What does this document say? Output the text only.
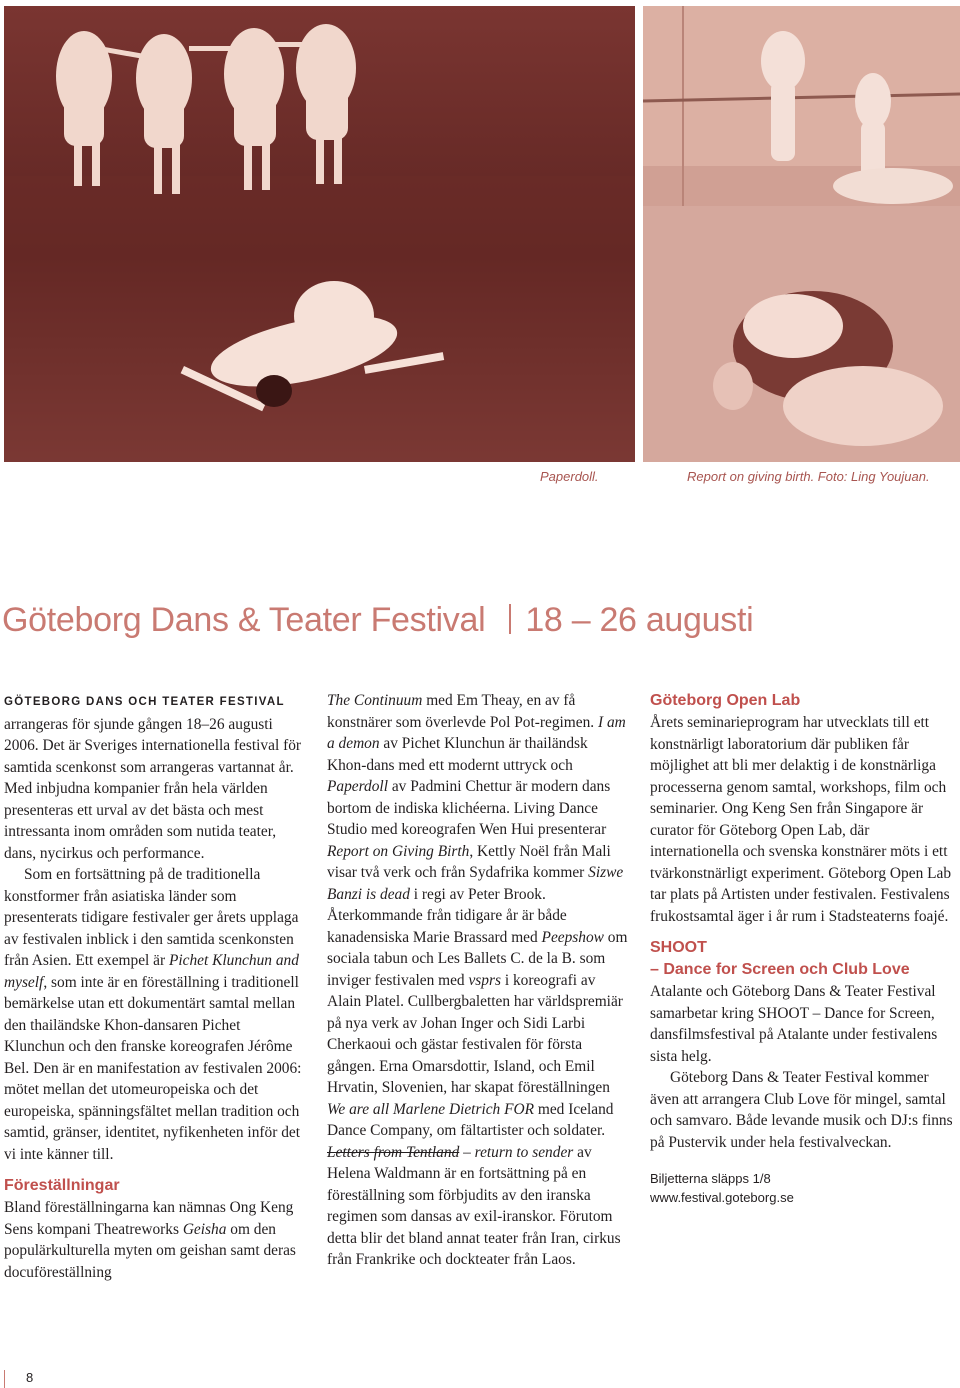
Paperdoll.	Report on giving birth. Foto: Ling Youjuan.
Göteborg Dans & Teater Festival 18 – 26 augusti

GÖTEBORG DANS OCH TEATER FESTIVAL
arrangeras för sjunde gången 18–26 augusti 2006. Det är Sveriges internationella festival för samtida scenkonst som arrangeras vartannat år. Med inbjudna kompanier från hela världen presenteras ett urval av det bästa och mest intressanta inom områden som nutida teater, dans, nycirkus och performance.

Som en fortsättning på de traditionella konstformer från asiatiska länder som presenterats tidigare festivaler ger årets upplaga av festivalen inblick i den samtida scenkonsten från Asien. Ett exempel är Pichet Klunchun and myself, som inte är en föreställning i traditionell bemärkelse utan ett dokumentärt samtal mellan den thailändske Khon-dansaren Pichet Klunchun och den franske koreografen Jérôme Bel. Den är en manifestation av festivalen 2006: mötet mellan det utomeuropeiska och det europeiska, spänningsfältet mellan tradition och samtid, gränser, identitet, nyfikenheten inför det vi inte känner till.

Föreställningar

Bland föreställningarna kan nämnas Ong Keng Sens kompani Theatreworks Geisha om den populärkulturella myten om geishan samt deras docuföreställning

The Continuum med Em Theay, en av få konstnärer som överlevde Pol Pot-regimen. I am a demon av Pichet Klunchun är thailändsk Khon-dans med ett modernt uttryck och Paperdoll av Padmini Chettur är modern dans bortom de indiska klichéerna. Living Dance Studio med koreografen Wen Hui presenterar Report on Giving Birth, Kettly Noël från Mali visar två verk och från Sydafrika kommer Sizwe Banzi is dead i regi av Peter Brook. Återkommande från tidigare år är både kanadensiska Marie Brassard med Peepshow om sociala tabun och Les Ballets C. de la B. som inviger festivalen med vsprs i koreografi av Alain Platel. Cullbergbaletten har världspremiär på nya verk av Johan Inger och Sidi Larbi Cherkaoui och gästar festivalen för första gången. Erna Omarsdottir, Island, och Emil Hrvatin, Slovenien, har skapat föreställningen We are all Marlene Dietrich FOR med Iceland Dance Company, om fältartister och soldater. Letters from Tentland – return to sender av Helena Waldmann är en fortsättning på en föreställning som förbjudits av den iranska regimen som dansas av exil-iranskor. Förutom detta blir det bland annat teater från Iran, cirkus från Frankrike och dockteater från Laos.

Göteborg Open Lab

Årets seminarieprogram har utvecklats till ett konstnärligt laboratorium där publiken får möjlighet att bli mer delaktig i de konstnärliga processerna genom samtal, workshops, film och seminarier. Ong Keng Sen från Singapore är curator för Göteborg Open Lab, där internationella och svenska konstnärer möts i ett tvärkonstnärligt experiment. Göteborg Open Lab tar plats på Artisten under festivalen. Festivalens frukostsamtal äger i år rum i Stadsteaterns foajé.

SHOOT
– Dance for Screen och Club Love

Atalante och Göteborg Dans & Teater Festival samarbetar kring SHOOT – Dance for Screen, dansfilmsfestival på Atalante under festivalens sista helg.

Göteborg Dans & Teater Festival kommer även att arrangera Club Love för mingel, samtal och samvaro. Både levande musik och DJ:s finns på Pustervik under hela festivalveckan.

Biljetterna släpps 1/8
www.festival.goteborg.se

8
